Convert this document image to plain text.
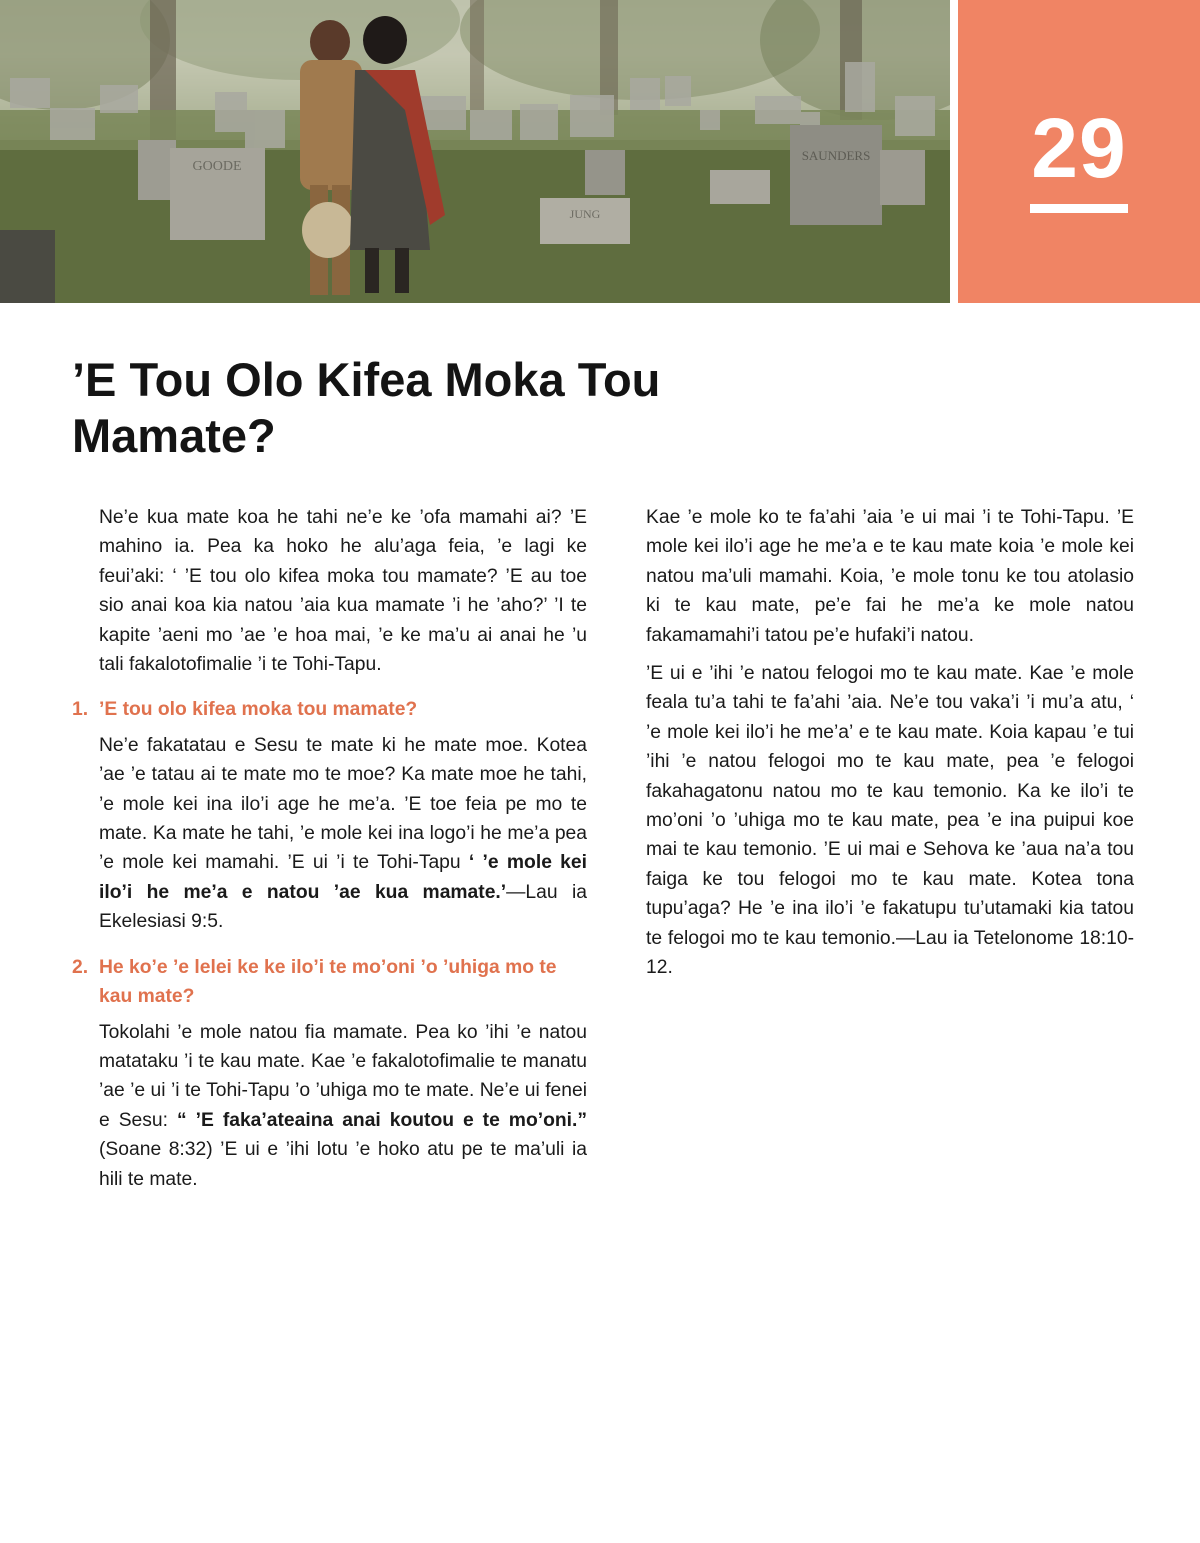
GOODE
JUNG
SAUNDERS	29
’E Tou Olo Kifea Moka Tou Mamate?

Ne’e kua mate koa he tahi ne’e ke ’ofa mamahi ai? ’E mahino ia. Pea ka hoko he alu’aga feia, ’e lagi ke feui’aki: ‘ ’E tou olo kifea moka tou mamate? ’E au toe sio anai koa kia natou ’aia kua mamate ’i he ’aho?’ ’I te kapite ’aeni mo ’ae ’e hoa mai, ’e ke ma’u ai anai he ’u tali fakalotofimalie ’i te Tohi-Tapu.

1. ’E tou olo kifea moka tou mamate?

Ne’e fakatatau e Sesu te mate ki he mate moe. Kotea ’ae ’e tatau ai te mate mo te moe? Ka mate moe he tahi, ’e mole kei ina ilo’i age he me’a. ’E toe feia pe mo te mate. Ka mate he tahi, ’e mole kei ina logo’i he me’a pea ’e mole kei mamahi. ’E ui ’i te Tohi-Tapu ‘ ’e mole kei ilo’i he me’a e natou ’ae kua mamate.’—Lau ia Ekelesiasi 9:5.

2. He ko’e ’e lelei ke ke ilo’i te mo’oni ’o ’uhiga mo te kau mate?

Tokolahi ’e mole natou fia mamate. Pea ko ’ihi ’e natou matataku ’i te kau mate. Kae ’e fakalotofimalie te manatu ’ae ’e ui ’i te Tohi-Tapu ’o ’uhiga mo te mate. Ne’e ui fenei e Sesu: “ ’E faka’ateaina anai koutou e te mo’oni.” (Soane 8:32) ’E ui e ’ihi lotu ’e hoko atu pe te ma’uli ia hili te mate.

Kae ’e mole ko te fa’ahi ’aia ’e ui mai ’i te Tohi-Tapu. ’E mole kei ilo’i age he me’a e te kau mate koia ’e mole kei natou ma’uli mamahi. Koia, ’e mole tonu ke tou atolasio ki te kau mate, pe’e fai he me’a ke mole natou fakamamahi’i tatou pe’e hufaki’i natou.

’E ui e ’ihi ’e natou felogoi mo te kau mate. Kae ’e mole feala tu’a tahi te fa’ahi ’aia. Ne’e tou vaka’i ’i mu’a atu, ‘ ’e mole kei ilo’i he me’a’ e te kau mate. Koia kapau ’e tui ’ihi ’e natou felogoi mo te kau mate, pea ’e felogoi fakahagatonu natou mo te kau temonio. Ka ke ilo’i te mo’oni ’o ’uhiga mo te kau mate, pea ’e ina puipui koe mai te kau temonio. ’E ui mai e Sehova ke ’aua na’a tou faiga ke tou felogoi mo te kau mate. Kotea tona tupu’aga? He ’e ina ilo’i ’e fakatupu tu’utamaki kia tatou te felogoi mo te kau temonio.—Lau ia Tetelonome 18:10-12.
